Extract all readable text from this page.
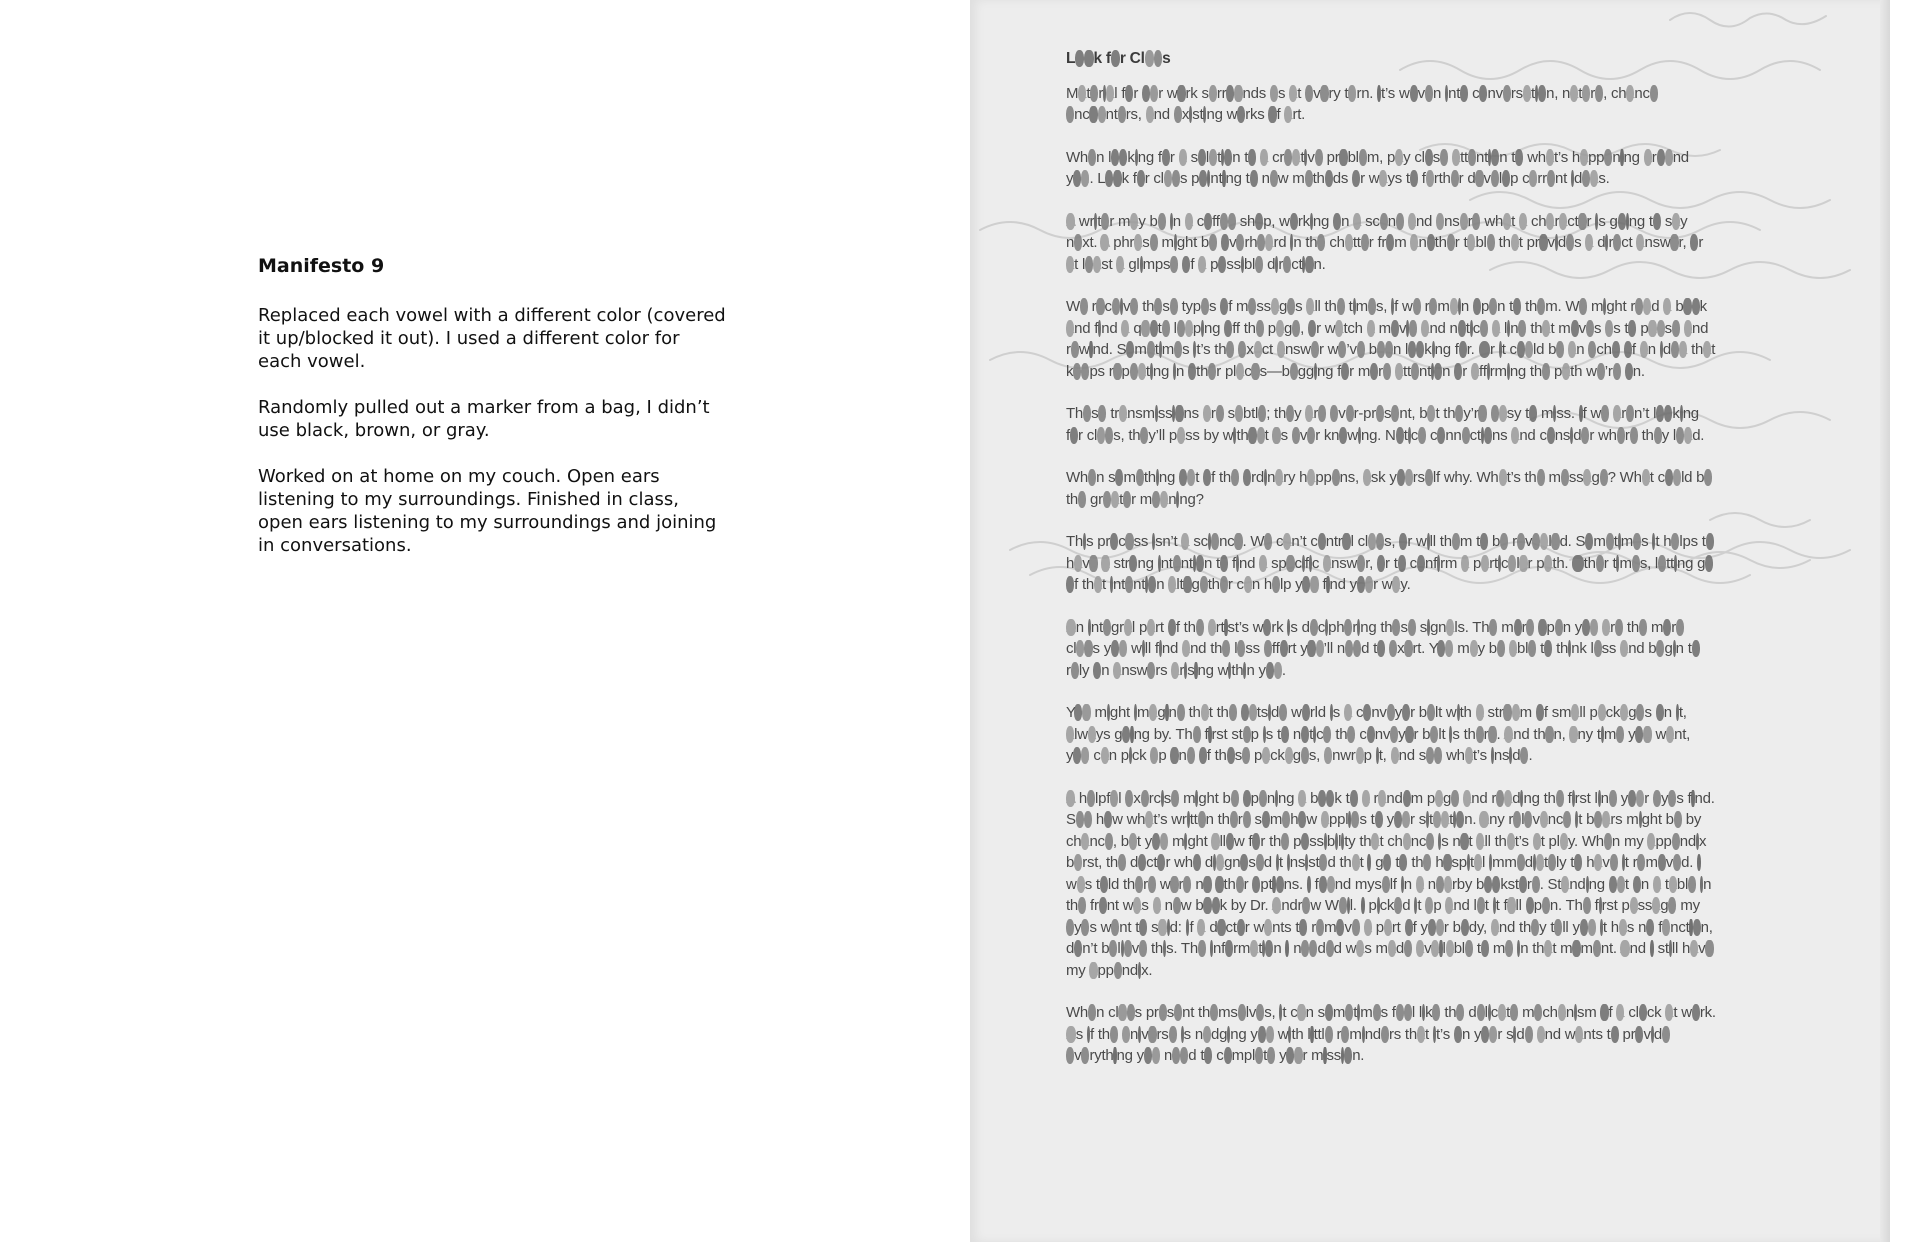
Manifesto 9

Replaced each vowel with a different color (covered it up/blocked it out). I used a different color for each vowel.

Randomly pulled out a marker from a bag, I didn’t use black, brown, or gray.

Worked on at home on my couch. Open ears listening to my surroundings. Finished in class, open ears listening to my surroundings and joining in conversations.

Look for Clues

Material for our work surrounds us at every turn. It’s woven into conversation, nature, chance encounters, and existing works of art.

When looking for a solution to a creative problem, pay close attention to what’s happening around you. Look for clues pointing to new methods or ways to further develop current ideas.

A writer may be in a coffee shop, working on a scene and unsure what a character is going to say next. A phrase might be overheard in the chatter from another table that provides a direct answer, or at least a glimpse of a possible direction.

We receive these types of messages all the times, if we remain open to them. We might read a book and find a quote leaping off the page, or watch a movie and notice a line that moves us to pause and rewind. Sometimes it’s the exact answer we’ve been looking for. Or it could be an echo of an idea that keeps repeating in other places—begging for more attention or affirming the path we’re on.

These transmissions are subtle; they are ever-present, but they’re easy to miss. If we aren’t looking for clues, they’ll pass by without us ever knowing. Notice connections and consider where they lead.

When something out of the ordinary happens, ask yourself why. What’s the message? What could be the greater meaning?

This process isn’t a science. We can’t control clues, or will them to be revealed. Sometimes it helps to have a strong intention to find a specific answer, or to confirm a particular path. Other times, letting go of that intention altogether can help you find your way.

An integral part of the artist’s work is deciphering these signals. The more open you are the more clues you will find and the less effort you’ll need to exert. You may be able to think less and begin to rely on answers arising within you.

You might imagine that the outside world is a conveyor belt with a stream of small packages on it, always going by. The first step is to notice the conveyor belt is there. And then, any time you want, you can pick up one of those packages, unwrap it, and see what’s inside.

A helpful exercise might be opening a book to a random page and reading the first line your eyes find. See how what’s written there somehow applies to your situation. Any relevance it bears might be by chance, but you might allow for the possibility that chance is not all that’s at play. When my appendix burst, the doctor who diagnosed it insisted that I go to the hospital immediately to have it removed. I was told there were no other options. I found myself in a nearby bookstore. Standing out on a table in the front was a new book by Dr. Andrew Weil. I picked it up and let it fall open. The first passage my eyes went to said: If a doctor wants to remove a part of your body, and they tell you it has no function, don’t believe this. The information I needed was made available to me in that moment. And I still have my appendix.

When clues present themselves, it can sometimes feel like the delicate mechanism of a clock at work. As if the universe is nudging you with little reminders that it’s on your side and wants to provide everything you need to complete your mission.
